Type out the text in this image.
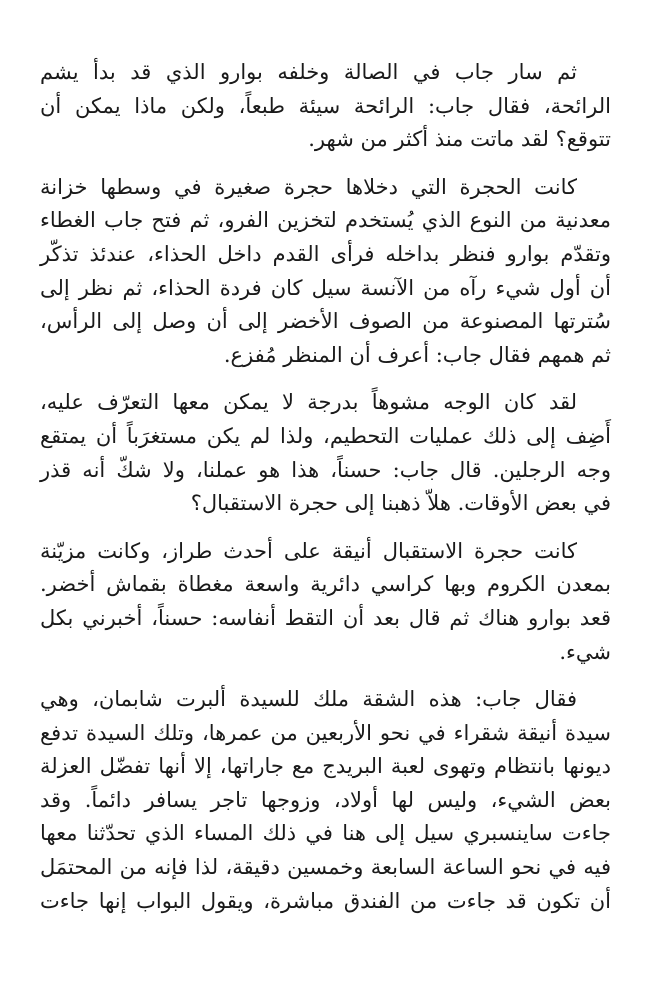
ثم سار جاب في الصالة وخلفه بوارو الذي قد بدأ يشم
الرائحة، فقال جاب: الرائحة سيئة طبعاً، ولكن ماذا يمكن أن
تتوقع؟ لقد ماتت منذ أكثر من شهر.
كانت الحجرة التي دخلاها حجرة صغيرة في وسطها خزانة
معدنية من النوع الذي يُستخدم لتخزين الفرو، ثم فتح جاب الغطاء
وتقدّم بوارو فنظر بداخله فرأى القدم داخل الحذاء، عندئذ تذكّر
أن أول شيء رآه من الآنسة سيل كان فردة الحذاء، ثم نظر إلى
سُترتها المصنوعة من الصوف الأخضر إلى أن وصل إلى الرأس،
ثم همهم فقال جاب: أعرف أن المنظر مُفزع.
لقد كان الوجه مشوهاً بدرجة لا يمكن معها التعرّف عليه،
أَضِف إلى ذلك عمليات التحطيم، ولذا لم يكن مستغرَباً أن يمتقع
وجه الرجلين. قال جاب: حسناً، هذا هو عملنا، ولا شكّ أنه قذر
في بعض الأوقات. هلاّ ذهبنا إلى حجرة الاستقبال؟
كانت حجرة الاستقبال أنيقة على أحدث طراز، وكانت مزيّنة
بمعدن الكروم وبها كراسي دائرية واسعة مغطاة بقماش أخضر.
قعد بوارو هناك ثم قال بعد أن التقط أنفاسه: حسناً، أخبرني بكل
شيء.
فقال جاب: هذه الشقة ملك للسيدة ألبرت شابمان، وهي
سيدة أنيقة شقراء في نحو الأربعين من عمرها، وتلك السيدة تدفع
ديونها بانتظام وتهوى لعبة البريدج مع جاراتها، إلا أنها تفضّل العزلة
بعض الشيء، وليس لها أولاد، وزوجها تاجر يسافر دائماً. وقد
جاءت ساينسبري سيل إلى هنا في ذلك المساء الذي تحدّثنا معها
فيه في نحو الساعة السابعة وخمسين دقيقة، لذا فإنه من المحتمَل
أن تكون قد جاءت من الفندق مباشرة، ويقول البواب إنها جاءت
